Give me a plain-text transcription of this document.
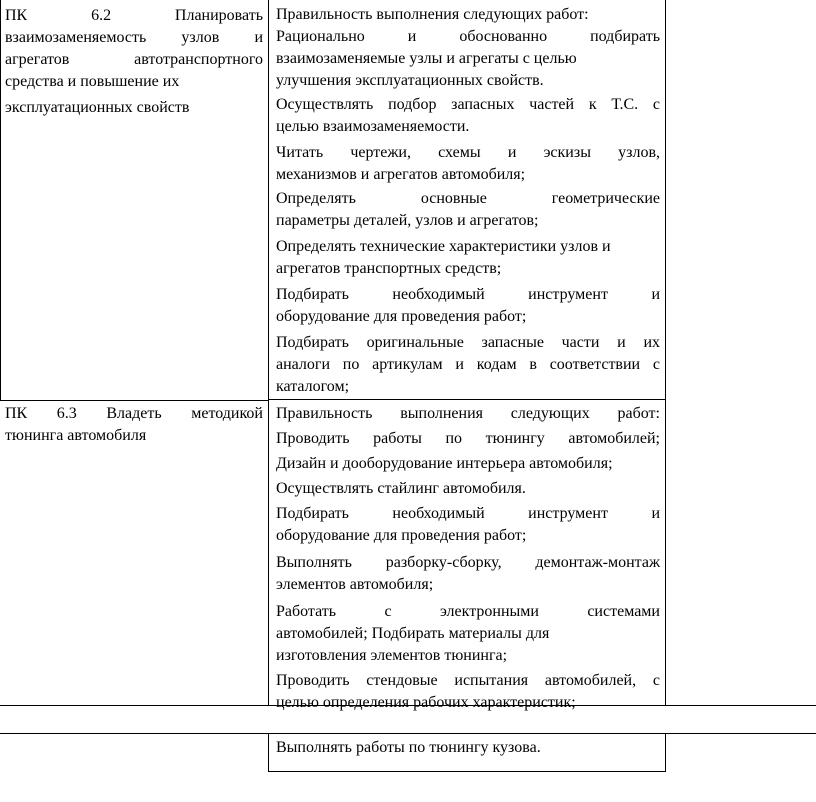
ПК 6.2 Планировать
взаимозаменяемость узлов и
агрегатов автотранспортного
средства и повышение их
эксплуатационных свойств
Правильность выполнения следующих работ:
Рационально и обоснованно подбирать
взаимозаменяемые узлы и агрегаты с целью
улучшения эксплуатационных свойств.
Осуществлять подбор запасных частей к Т.С. с
целью взаимозаменяемости.
Читать чертежи, схемы и эскизы узлов,
механизмов и агрегатов автомобиля;
Определять основные геометрические
параметры деталей, узлов и агрегатов;
Определять технические характеристики узлов и
агрегатов транспортных средств;
Подбирать необходимый инструмент и
оборудование для проведения работ;
Подбирать оригинальные запасные части и их
аналоги по артикулам и кодам в соответствии с
каталогом;
ПК 6.3 Владеть методикой
тюнинга автомобиля
Правильность выполнения следующих работ:
Проводить работы по тюнингу автомобилей;
Дизайн и дооборудование интерьера автомобиля;
Осуществлять стайлинг автомобиля.
Подбирать необходимый инструмент и
оборудование для проведения работ;
Выполнять разборку-сборку, демонтаж-монтаж
элементов автомобиля;
Работать с электронными системами
автомобилей; Подбирать материалы для
изготовления элементов тюнинга;
Проводить стендовые испытания автомобилей, с
целью определения рабочих характеристик;
Выполнять работы по тюнингу кузова.
